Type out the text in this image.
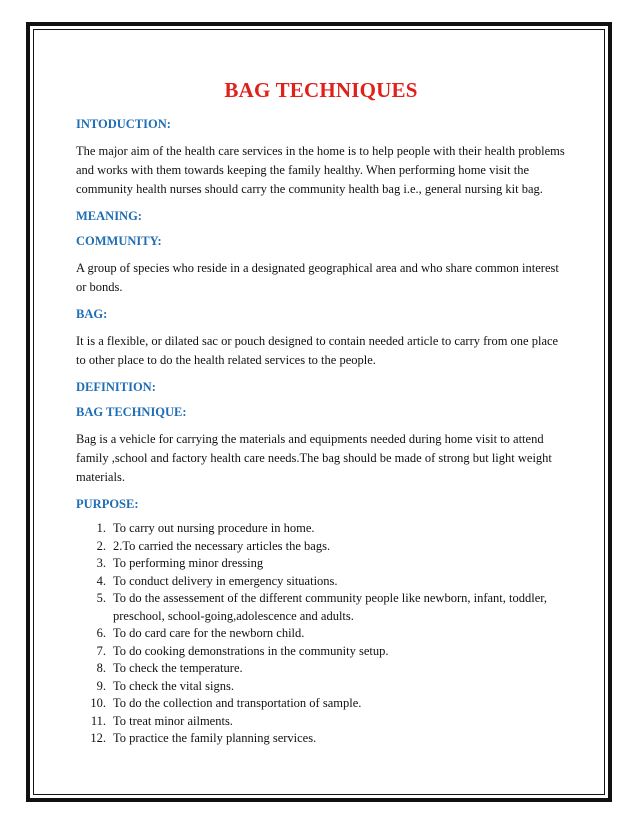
BAG TECHNIQUES
INTODUCTION:

The major aim of the health care services in the home is to help people with their health problems and works with them towards keeping the family healthy. When performing home visit the community health nurses should carry the community health bag i.e., general nursing kit bag.

MEANING:
COMMUNITY:

A group of species who reside in a designated geographical area and who share common interest or bonds.

BAG:

It is a flexible, or dilated sac or pouch designed to contain needed article to carry from one place to other place to do the health related services to the people.

DEFINITION:
BAG TECHNIQUE:

Bag is a vehicle for carrying the materials and equipments needed during home visit to attend family ,school and factory health care needs.The bag should be made of strong but light weight materials.

PURPOSE:
1. To carry out nursing procedure in home.
2. 2.To carried the necessary articles the bags.
3. To performing minor dressing
4. To conduct delivery in emergency situations.
5. To do the assessement of the different community people like newborn, infant, toddler, preschool, school-going,adolescence and adults.
6. To do card care for the newborn child.
7. To do cooking demonstrations in the community setup.
8. To check the temperature.
9. To check the vital signs.
10. To do the collection and transportation of sample.
11. To treat minor ailments.
12. To practice the family planning services.
